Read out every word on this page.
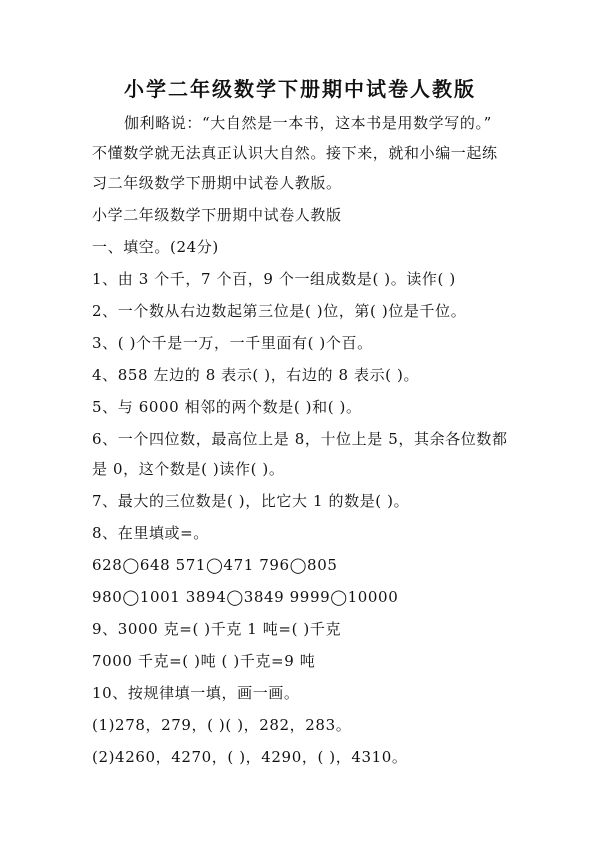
小学二年级数学下册期中试卷人教版
伽利略说：“大自然是一本书，这本书是用数学写的。”
不懂数学就无法真正认识大自然。接下来，就和小编一起练
习二年级数学下册期中试卷人教版。
小学二年级数学下册期中试卷人教版
一、填空。(24分)
1、由 3 个千，7 个百，9 个一组成数是( )。读作( )
2、一个数从右边数起第三位是( )位，第( )位是千位。
3、( )个千是一万，一千里面有( )个百。
4、858 左边的 8 表示( )，右边的 8 表示( )。
5、与 6000 相邻的两个数是( )和( )。
6、一个四位数，最高位上是 8，十位上是 5，其余各位数都
是 0，这个数是( )读作( )。
7、最大的三位数是( )，比它大 1 的数是( )。
8、在里填或=。
628◯648 571◯471 796◯805
980◯1001 3894◯3849 9999◯10000
9、3000 克=( )千克 1 吨=( )千克
7000 千克=( )吨 ( )千克=9 吨
10、按规律填一填，画一画。
(1)278，279，( )( )，282，283。
(2)4260，4270，( )，4290，( )，4310。
